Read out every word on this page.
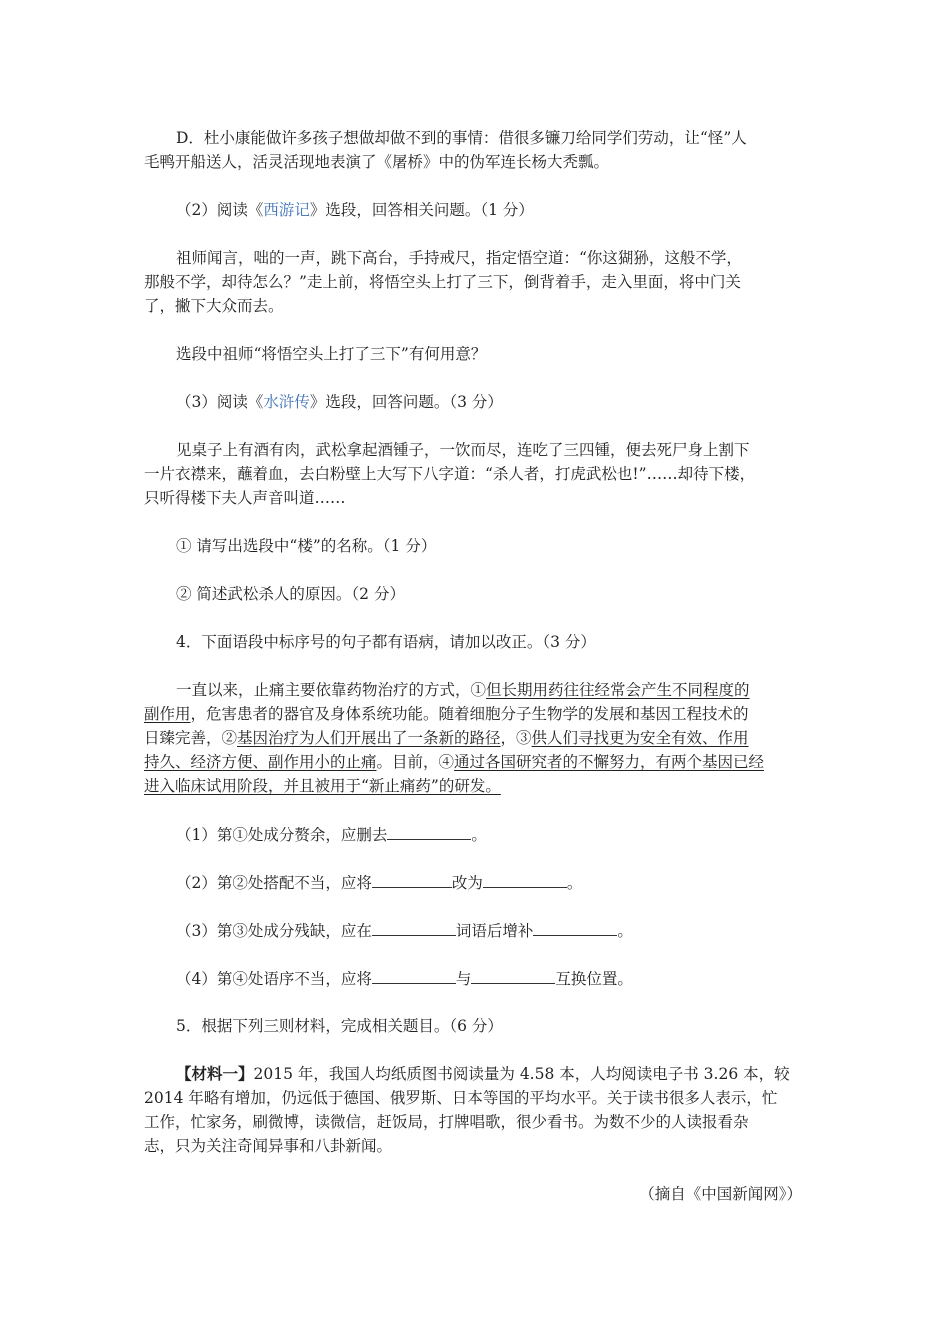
D．杜小康能做许多孩子想做却做不到的事情：借很多镰刀给同学们劳动，让“怪”人
毛鸭开船送人，活灵活现地表演了《屠桥》中的伪军连长杨大秃瓢。
（2）阅读《西游记》选段，回答相关问题。（1 分）
祖师闻言，咄的一声，跳下高台，手持戒尺，指定悟空道：“你这猢狲，这般不学，
那般不学，却待怎么？”走上前，将悟空头上打了三下，倒背着手，走入里面，将中门关
了，撇下大众而去。
选段中祖师“将悟空头上打了三下”有何用意？
（3）阅读《水浒传》选段，回答问题。（3 分）
见桌子上有酒有肉，武松拿起酒锺子，一饮而尽，连吃了三四锺，便去死尸身上割下
一片衣襟来，蘸着血，去白粉壁上大写下八字道：“杀人者，打虎武松也!”……却待下楼，
只听得楼下夫人声音叫道……
① 请写出选段中“楼”的名称。（1 分）
② 简述武松杀人的原因。（2 分）
4．下面语段中标序号的句子都有语病，请加以改正。（3 分）
一直以来，止痛主要依靠药物治疗的方式，①但长期用药往往经常会产生不同程度的
副作用，危害患者的器官及身体系统功能。随着细胞分子生物学的发展和基因工程技术的
日臻完善，②基因治疗为人们开展出了一条新的路径，③供人们寻找更为安全有效、作用
持久、经济方便、副作用小的止痛。目前，④通过各国研究者的不懈努力，有两个基因已经
进入临床试用阶段，并且被用于“新止痛药”的研发。
（1）第①处成分赘余，应删去	。
（2）第②处搭配不当，应将	改为	。
（3）第③处成分残缺，应在	词语后增补	。
（4）第④处语序不当，应将	与	互换位置。
5．根据下列三则材料，完成相关题目。（6 分）
【材料一】2015 年，我国人均纸质图书阅读量为 4.58 本，人均阅读电子书 3.26 本，较
2014 年略有增加，仍远低于德国、俄罗斯、日本等国的平均水平。关于读书很多人表示，忙
工作，忙家务，刷微博，读微信，赶饭局，打牌唱歌，很少看书。为数不少的人读报看杂
志，只为关注奇闻异事和八卦新闻。
（摘自《中国新闻网》）
